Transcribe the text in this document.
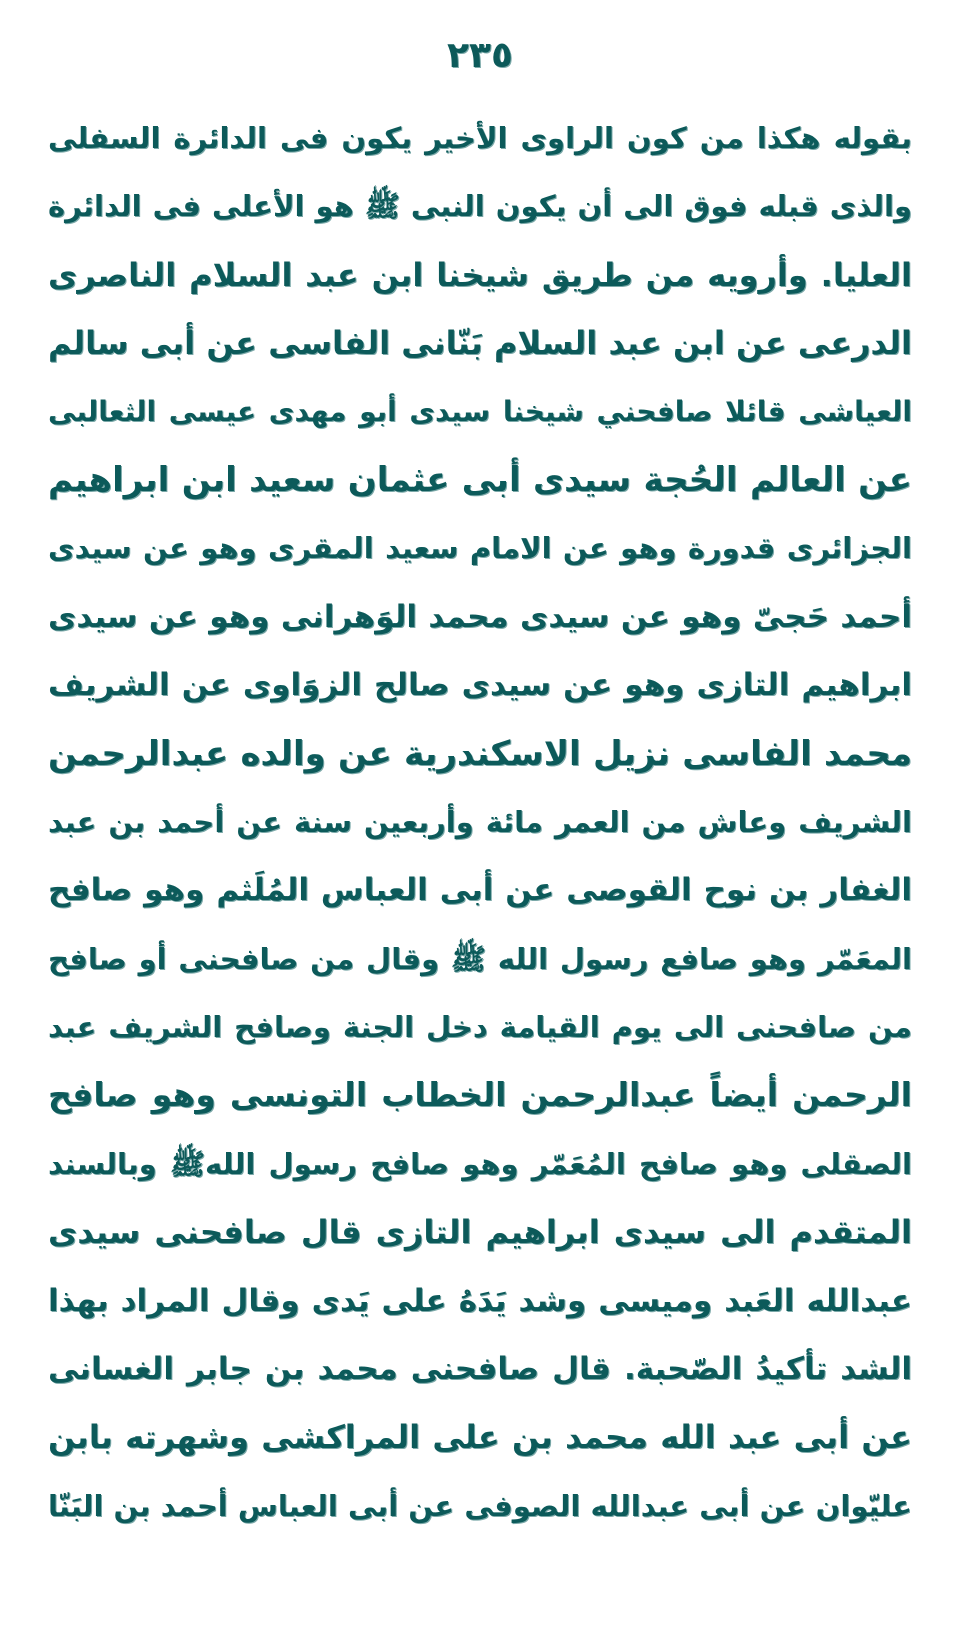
٢٣٥
بقوله هكذا من كون الراوى الأخير يكون فى الدائرة السفلى
والذى قبله فوق الى أن يكون النبى ﷺ هو الأعلى فى الدائرة
العليا. وأرويه من طريق شيخنا ابن عبد السلام الناصرى
الدرعى عن ابن عبد السلام بَنّانى الفاسى عن أبى سالم
العياشى قائلا صافحني شيخنا سيدى أبو مهدى عيسى الثعالبى
عن العالم الحُجة سيدى أبى عثمان سعيد ابن ابراهيم
الجزائرى قدورة وهو عن الامام سعيد المقرى وهو عن سيدى
أحمد حَجىّ وهو عن سيدى محمد الوَهرانى وهو عن سيدى
ابراهيم التازى وهو عن سيدى صالح الزوَاوى عن الشريف
محمد الفاسى نزيل الاسكندرية عن والده عبدالرحمن
الشريف وعاش من العمر مائة وأربعين سنة عن أحمد بن عبد
الغفار بن نوح القوصى عن أبى العباس المُلَثم وهو صافح
المعَمّر وهو صافع رسول الله ﷺ وقال من صافحنى أو صافح
من صافحنى الى يوم القيامة دخل الجنة وصافح الشريف عبد
الرحمن أيضاً عبدالرحمن الخطاب التونسى وهو صافح
الصقلى وهو صافح المُعَمّر وهو صافح رسول اللهﷺ وبالسند
المتقدم الى سيدى ابراهيم التازى قال صافحنى سيدى
عبدالله العَبد وميسى وشد يَدَهُ على يَدى وقال المراد بهذا
الشد تأكيدُ الصّحبة. قال صافحنى محمد بن جابر الغسانى
عن أبى عبد الله محمد بن على المراكشى وشهرته بابن
عليّوان عن أبى عبدالله الصوفى عن أبى العباس أحمد بن البَنّا
